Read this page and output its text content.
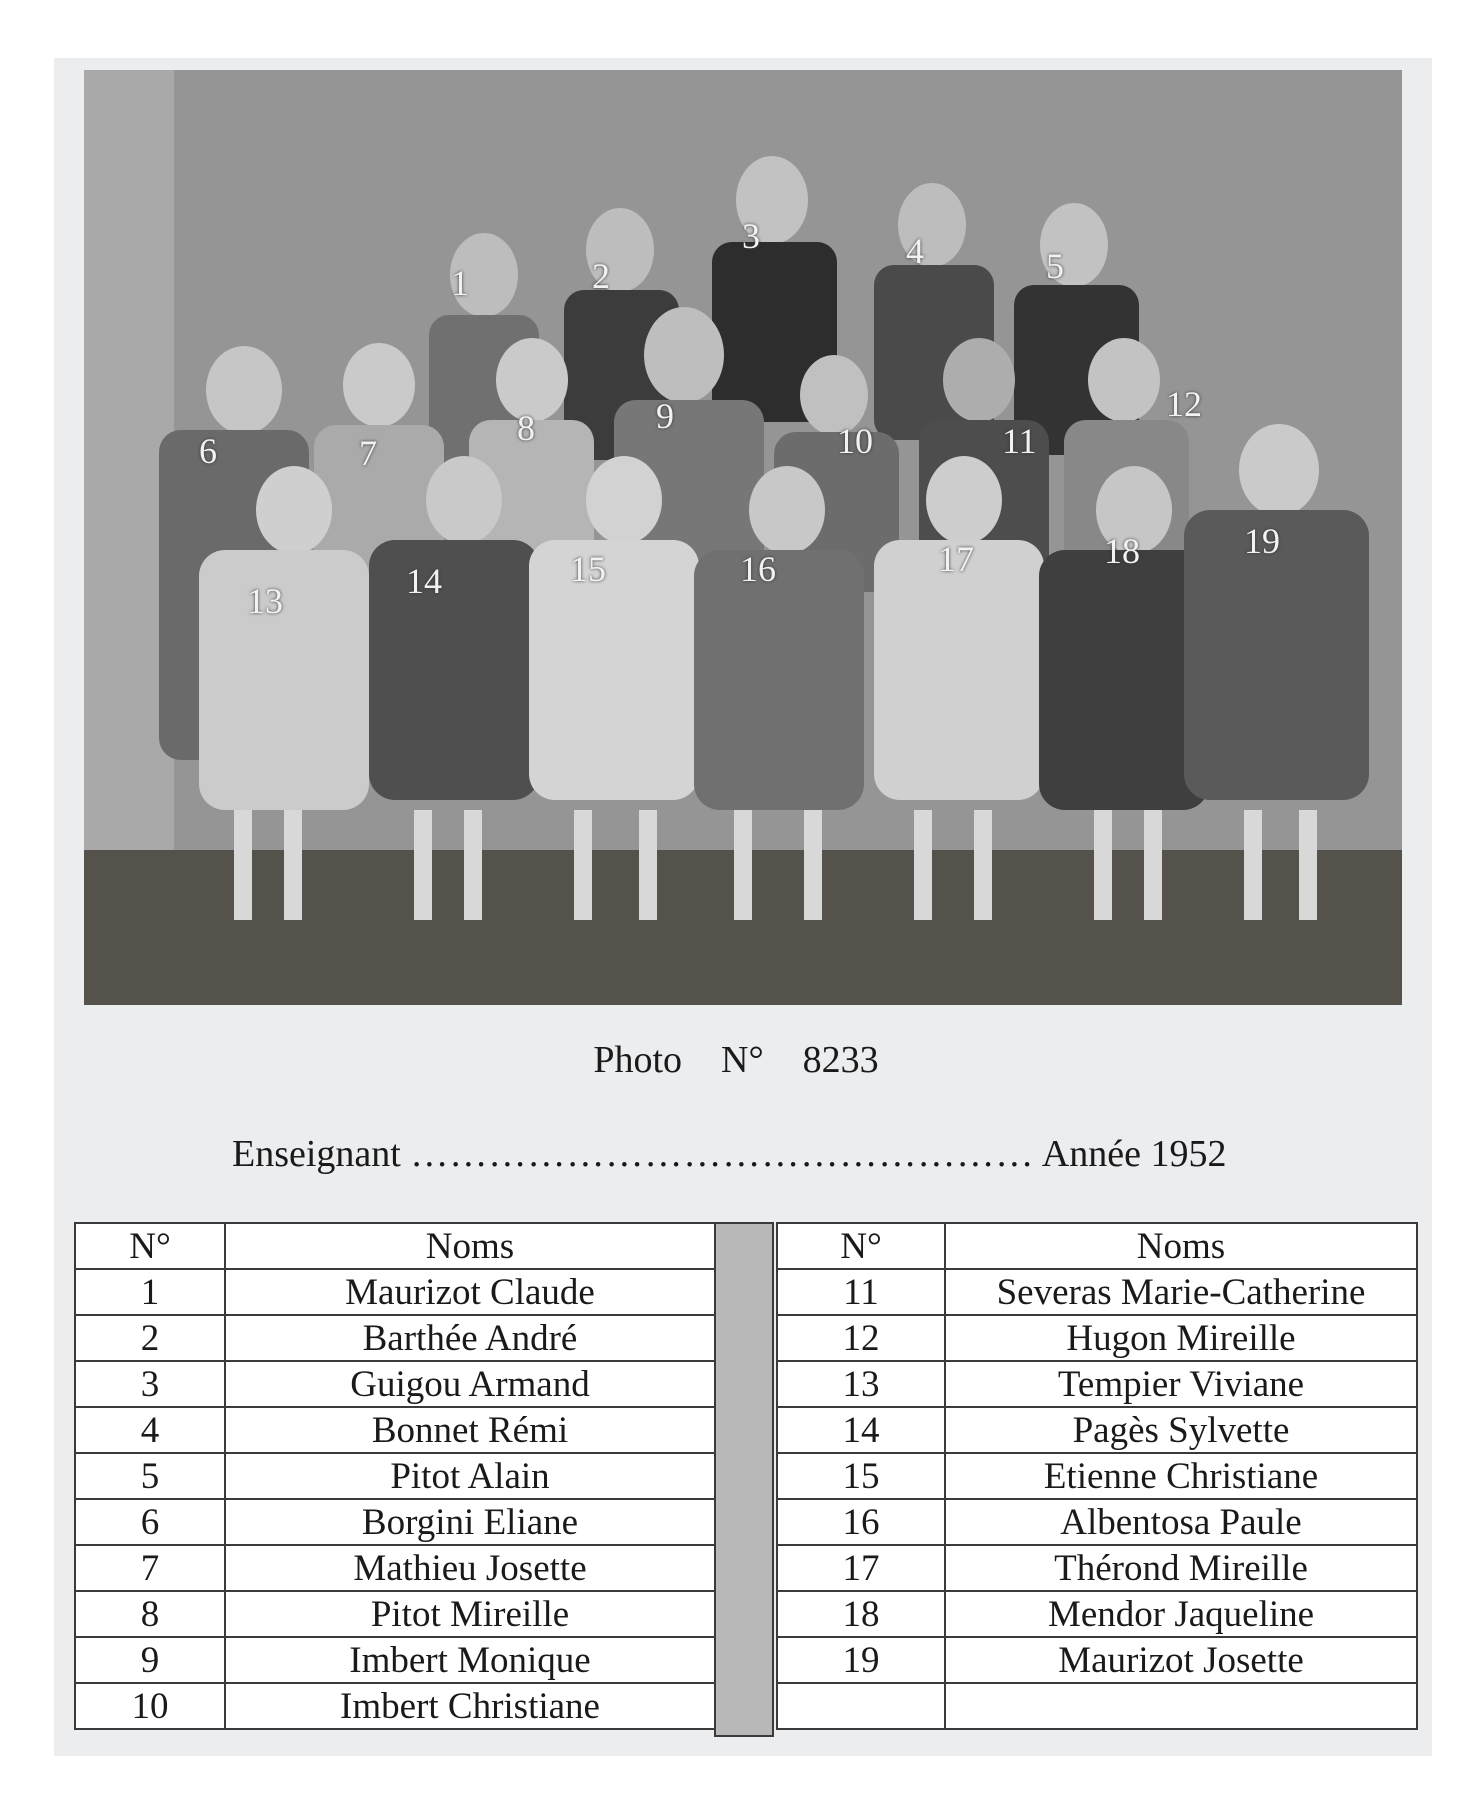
1	2
3	4	5
6	7
8	9
10	11
12
13	14	15	16	17	18	19
Photo  N°  8233
Enseignant ………………………………………… Année 1952
N°	Noms
1	Maurizot Claude
2	Barthée André
3	Guigou Armand
4	Bonnet Rémi
5	Pitot Alain
6	Borgini Eliane
7	Mathieu Josette
8	Pitot Mireille
9	Imbert Monique
10	Imbert Christiane
N°	Noms
11	Severas Marie-Catherine
12	Hugon Mireille
13	Tempier Viviane
14	Pagès Sylvette
15	Etienne Christiane
16	Albentosa Paule
17	Thérond Mireille
18	Mendor Jaqueline
19	Maurizot Josette
